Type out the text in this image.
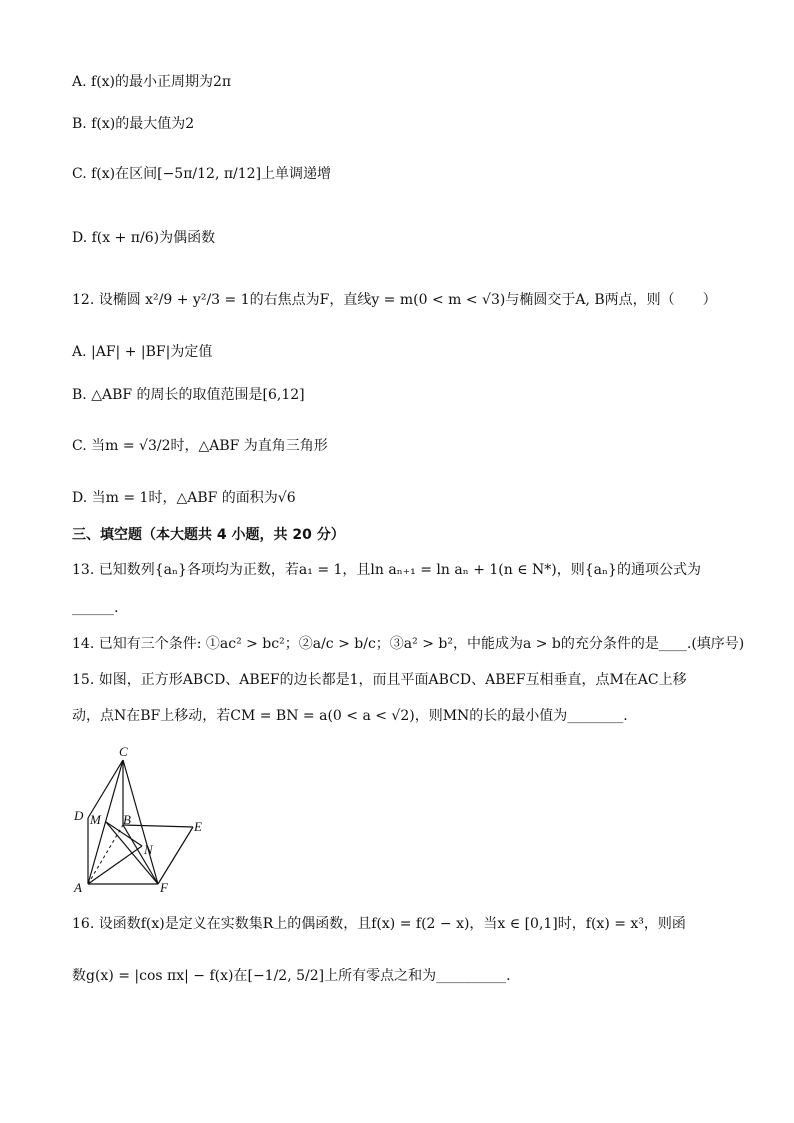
A. f(x)的最小正周期为2π
B. f(x)的最大值为2
C. f(x)在区间[−5π/12, π/12]上单调递增
D. f(x + π/6)为偶函数
12. 设椭圆 x²/9 + y²/3 = 1的右焦点为F，直线y = m(0 < m < √3)与椭圆交于A, B两点，则（　　）
A. |AF| + |BF|为定值
B. △ABF 的周长的取值范围是[6,12]
C. 当m = √3/2时，△ABF 为直角三角形
D. 当m = 1时，△ABF 的面积为√6
三、填空题（本大题共 4 小题，共 20 分）
13. 已知数列{aₙ}各项均为正数，若a₁ = 1，且ln aₙ₊₁ = ln aₙ + 1(n ∈ N*)，则{aₙ}的通项公式为
______.
14. 已知有三个条件: ①ac² > bc²；②a/c > b/c；③a² > b²，中能成为a > b的充分条件的是____.(填序号)
15. 如图，正方形ABCD、ABEF的边长都是1，而且平面ABCD、ABEF互相垂直，点M在AC上移
动，点N在BF上移动，若CM = BN = a(0 < a < √2)，则MN的长的最小值为________.
C
D M B	E
N
A	F
16. 设函数f(x)是定义在实数集R上的偶函数，且f(x) = f(2 − x)，当x ∈ [0,1]时，f(x) = x³，则函
数g(x) = |cos πx| − f(x)在[−1/2, 5/2]上所有零点之和为__________.
